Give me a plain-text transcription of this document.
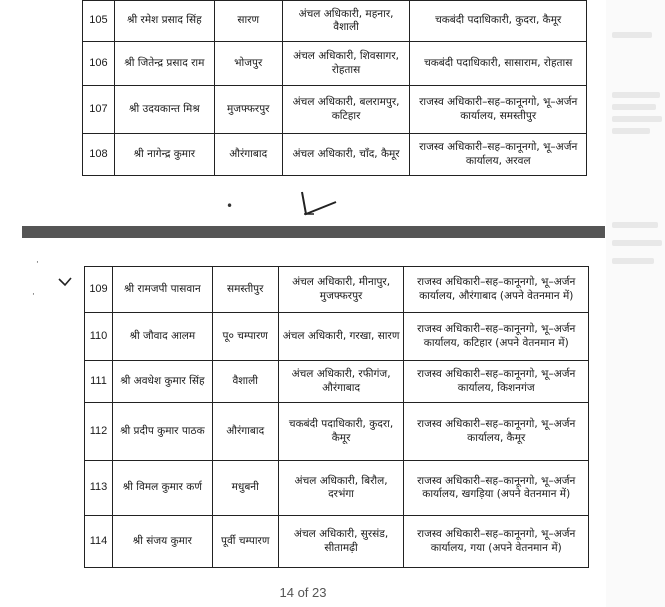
105	श्री रमेश प्रसाद सिंह	सारण	अंचल अधिकारी, महनार, वैशाली	चकबंदी पदाधिकारी, कुदरा, कैमूर
106	श्री जितेन्द्र प्रसाद राम	भोजपुर	अंचल अधिकारी, शिवसागर, रोहतास	चकबंदी पदाधिकारी, सासाराम, रोहतास
107	श्री उदयकान्त मिश्र	मुजफ्फरपुर	अंचल अधिकारी, बलरामपुर, कटिहार	राजस्व अधिकारी–सह–कानूनगो, भू–अर्जन कार्यालय, समस्तीपुर
108	श्री नागेन्द्र कुमार	औरंगाबाद	अंचल अधिकारी, चाँद, कैमूर	राजस्व अधिकारी–सह–कानूनगो, भू–अर्जन कार्यालय, अरवल
•
·
·
109	श्री रामजपी पासवान	समस्तीपुर	अंचल अधिकारी, मीनापुर, मुजफ्फरपुर	राजस्व अधिकारी–सह–कानूनगो, भू–अर्जन कार्यालय, औरंगाबाद (अपने वेतनमान में)
110	श्री जौवाद आलम	पू० चम्पारण	अंचल अधिकारी, गरखा, सारण	राजस्व अधिकारी–सह–कानूनगो, भू–अर्जन कार्यालय, कटिहार (अपने वेतनमान में)
111	श्री अवधेश कुमार सिंह	वैशाली	अंचल अधिकारी, रफीगंज, औरंगाबाद	राजस्व अधिकारी–सह–कानूनगो, भू–अर्जन कार्यालय, किशनगंज
112	श्री प्रदीप कुमार पाठक	औरंगाबाद	चकबंदी पदाधिकारी, कुदरा, कैमूर	राजस्व अधिकारी–सह–कानूनगो, भू–अर्जन कार्यालय, कैमूर
113	श्री विमल कुमार कर्ण	मधुबनी	अंचल अधिकारी, बिरौल, दरभंगा	राजस्व अधिकारी–सह–कानूनगो, भू–अर्जन कार्यालय, खगड़िया (अपने वेतनमान में)
114	श्री संजय कुमार	पूर्वी चम्पारण	अंचल अधिकारी, सुरसंड, सीतामढ़ी	राजस्व अधिकारी–सह–कानूनगो, भू–अर्जन कार्यालय, गया (अपने वेतनमान में)
14 of 23
